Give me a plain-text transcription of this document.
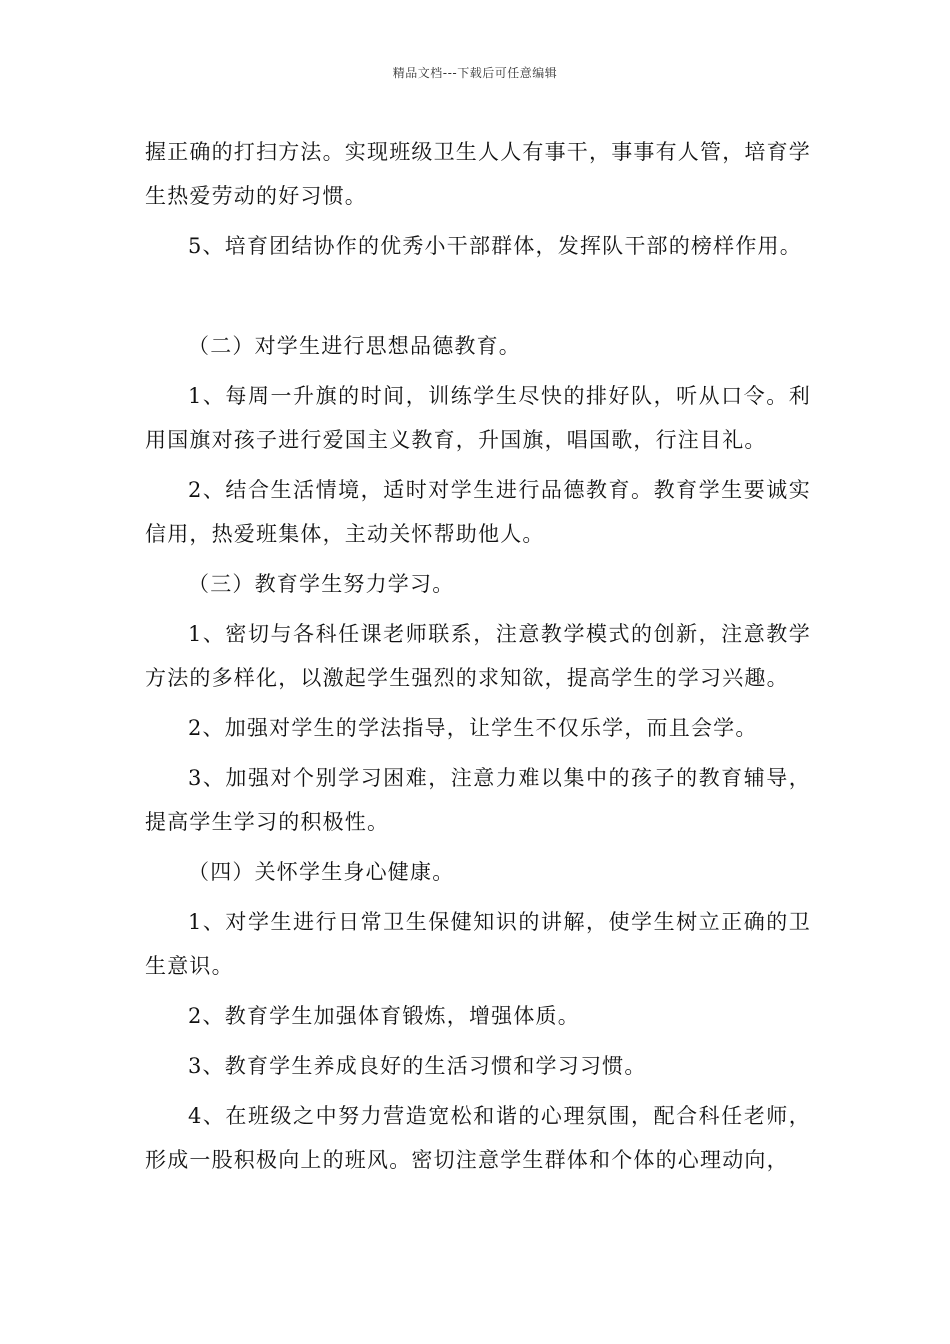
精品文档---下载后可任意编辑

握正确的打扫方法。实现班级卫生人人有事干，事事有人管，培育学生热爱劳动的好习惯。

5、培育团结协作的优秀小干部群体，发挥队干部的榜样作用。

（二）对学生进行思想品德教育。

1、每周一升旗的时间，训练学生尽快的排好队，听从口令。利用国旗对孩子进行爱国主义教育，升国旗，唱国歌，行注目礼。

2、结合生活情境，适时对学生进行品德教育。教育学生要诚实信用，热爱班集体，主动关怀帮助他人。

（三）教育学生努力学习。

1、密切与各科任课老师联系，注意教学模式的创新，注意教学方法的多样化，以激起学生强烈的求知欲，提高学生的学习兴趣。

2、加强对学生的学法指导，让学生不仅乐学，而且会学。

3、加强对个别学习困难，注意力难以集中的孩子的教育辅导，提高学生学习的积极性。

（四）关怀学生身心健康。

1、对学生进行日常卫生保健知识的讲解，使学生树立正确的卫生意识。

2、教育学生加强体育锻炼，增强体质。

3、教育学生养成良好的生活习惯和学习习惯。

4、在班级之中努力营造宽松和谐的心理氛围，配合科任老师，形成一股积极向上的班风。密切注意学生群体和个体的心理动向，
